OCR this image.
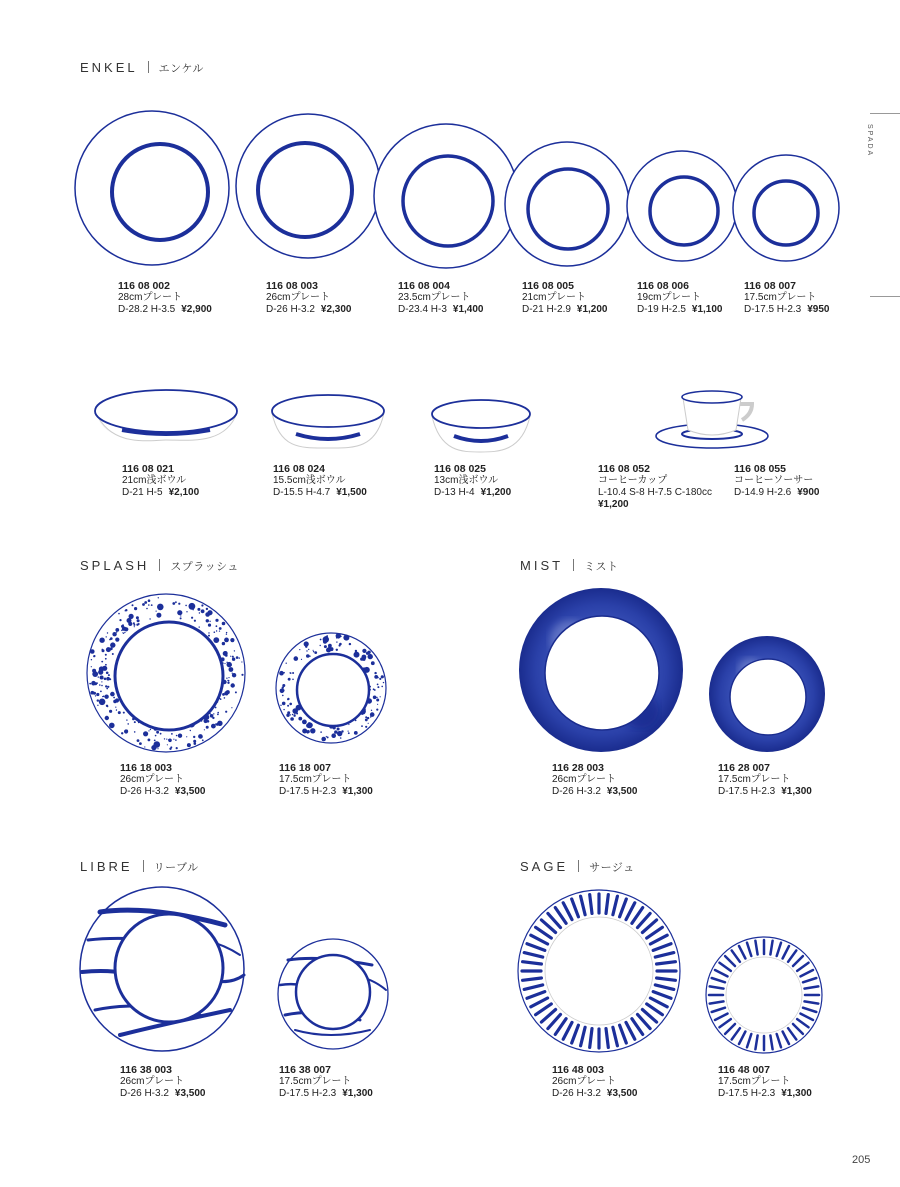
SPADA
ENKEL エンケル
SPLASH スプラッシュ	MIST ミスト
LIBRE リーブル	SAGE サージュ
116 08 002
28cmプレート
D-28.2 H-3.5 ¥2,900
116 08 003
26cmプレート
D-26 H-3.2 ¥2,300
116 08 004
23.5cmプレート
D-23.4 H-3 ¥1,400
116 08 005
21cmプレート
D-21 H-2.9 ¥1,200
116 08 006
19cmプレート
D-19 H-2.5 ¥1,100
116 08 007
17.5cmプレート
D-17.5 H-2.3 ¥950
116 08 021
21cm浅ボウル
D-21 H-5 ¥2,100
116 08 024
15.5cm浅ボウル
D-15.5 H-4.7 ¥1,500
116 08 025
13cm浅ボウル
D-13 H-4 ¥1,200
116 08 052
コーヒーカップ
L-10.4 S-8 H-7.5 C-180cc
¥1,200
116 08 055
コーヒーソーサー
D-14.9 H-2.6 ¥900
116 18 003
26cmプレート
D-26 H-3.2 ¥3,500
116 18 007
17.5cmプレート
D-17.5 H-2.3 ¥1,300
116 28 003
26cmプレート
D-26 H-3.2 ¥3,500
116 28 007
17.5cmプレート
D-17.5 H-2.3 ¥1,300
116 38 003
26cmプレート
D-26 H-3.2 ¥3,500
116 38 007
17.5cmプレート
D-17.5 H-2.3 ¥1,300
116 48 003
26cmプレート
D-26 H-3.2 ¥3,500
116 48 007
17.5cmプレート
D-17.5 H-2.3 ¥1,300
205
